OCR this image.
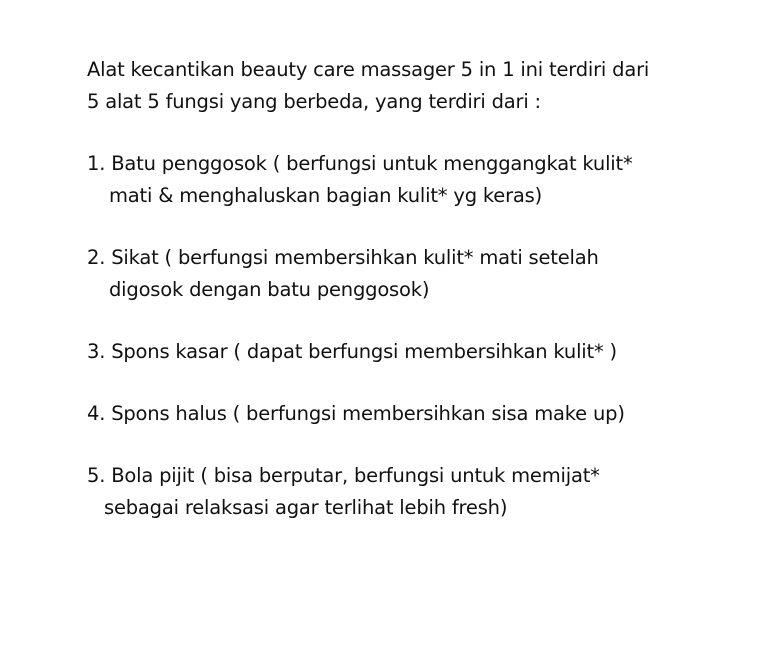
Alat kecantikan beauty care massager 5 in 1 ini terdiri dari
5 alat 5 fungsi yang berbeda, yang terdiri dari :
1. Batu penggosok ( berfungsi untuk menggangkat kulit*
mati & menghaluskan bagian kulit* yg keras)
2. Sikat ( berfungsi membersihkan kulit* mati setelah
digosok dengan batu penggosok)
3. Spons kasar ( dapat berfungsi membersihkan kulit* )
4. Spons halus ( berfungsi membersihkan sisa make up)
5. Bola pijit ( bisa berputar, berfungsi untuk memijat*
sebagai relaksasi agar terlihat lebih fresh)
